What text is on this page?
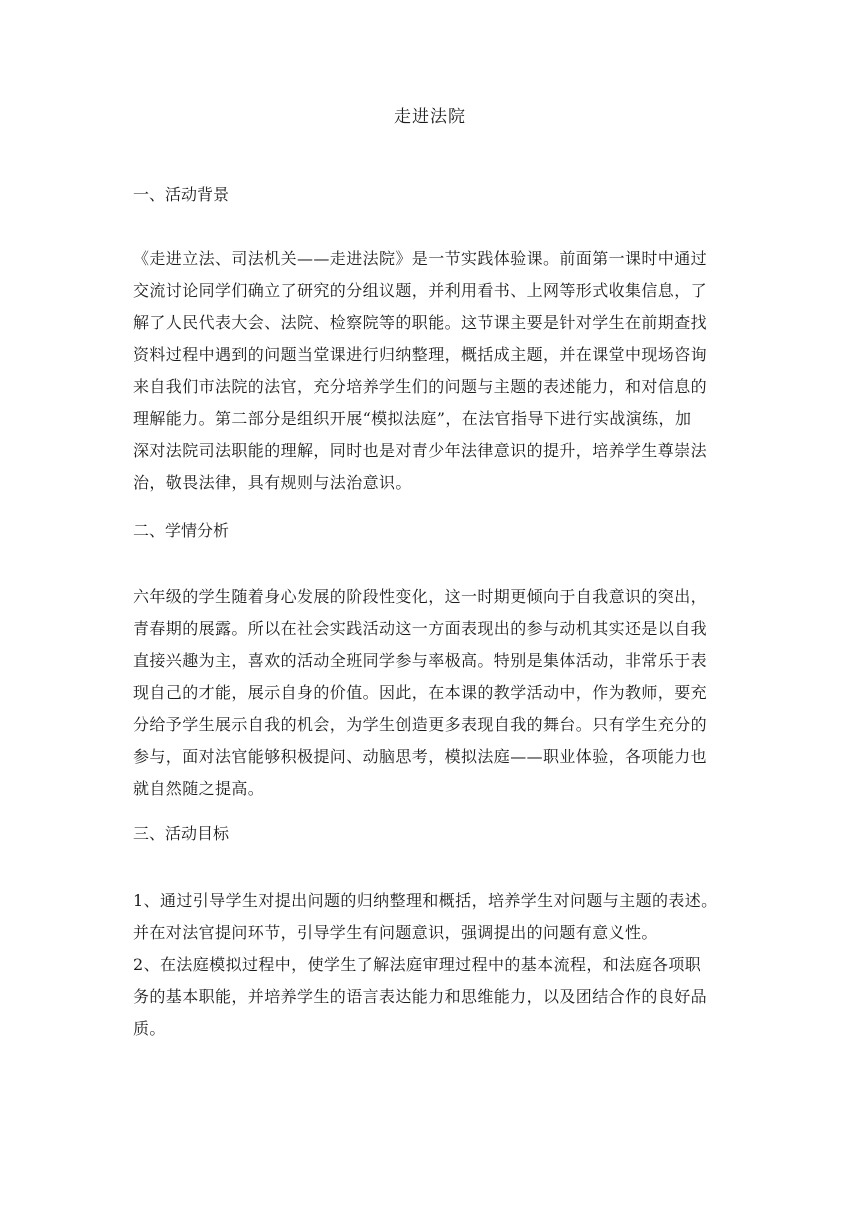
走进法院
一、活动背景
《走进立法、司法机关——走进法院》是一节实践体验课。前面第一课时中通过
交流讨论同学们确立了研究的分组议题，并利用看书、上网等形式收集信息，了
解了人民代表大会、法院、检察院等的职能。这节课主要是针对学生在前期查找
资料过程中遇到的问题当堂课进行归纳整理，概括成主题，并在课堂中现场咨询
来自我们市法院的法官，充分培养学生们的问题与主题的表述能力，和对信息的
理解能力。第二部分是组织开展“模拟法庭”，在法官指导下进行实战演练，加
深对法院司法职能的理解，同时也是对青少年法律意识的提升，培养学生尊崇法
治，敬畏法律，具有规则与法治意识。
二、学情分析
六年级的学生随着身心发展的阶段性变化，这一时期更倾向于自我意识的突出，
青春期的展露。所以在社会实践活动这一方面表现出的参与动机其实还是以自我
直接兴趣为主，喜欢的活动全班同学参与率极高。特别是集体活动，非常乐于表
现自己的才能，展示自身的价值。因此，在本课的教学活动中，作为教师，要充
分给予学生展示自我的机会，为学生创造更多表现自我的舞台。只有学生充分的
参与，面对法官能够积极提问、动脑思考，模拟法庭——职业体验，各项能力也
就自然随之提高。
三、活动目标
1、通过引导学生对提出问题的归纳整理和概括，培养学生对问题与主题的表述。
并在对法官提问环节，引导学生有问题意识，强调提出的问题有意义性。
2、在法庭模拟过程中，使学生了解法庭审理过程中的基本流程，和法庭各项职
务的基本职能，并培养学生的语言表达能力和思维能力，以及团结合作的良好品
质。
